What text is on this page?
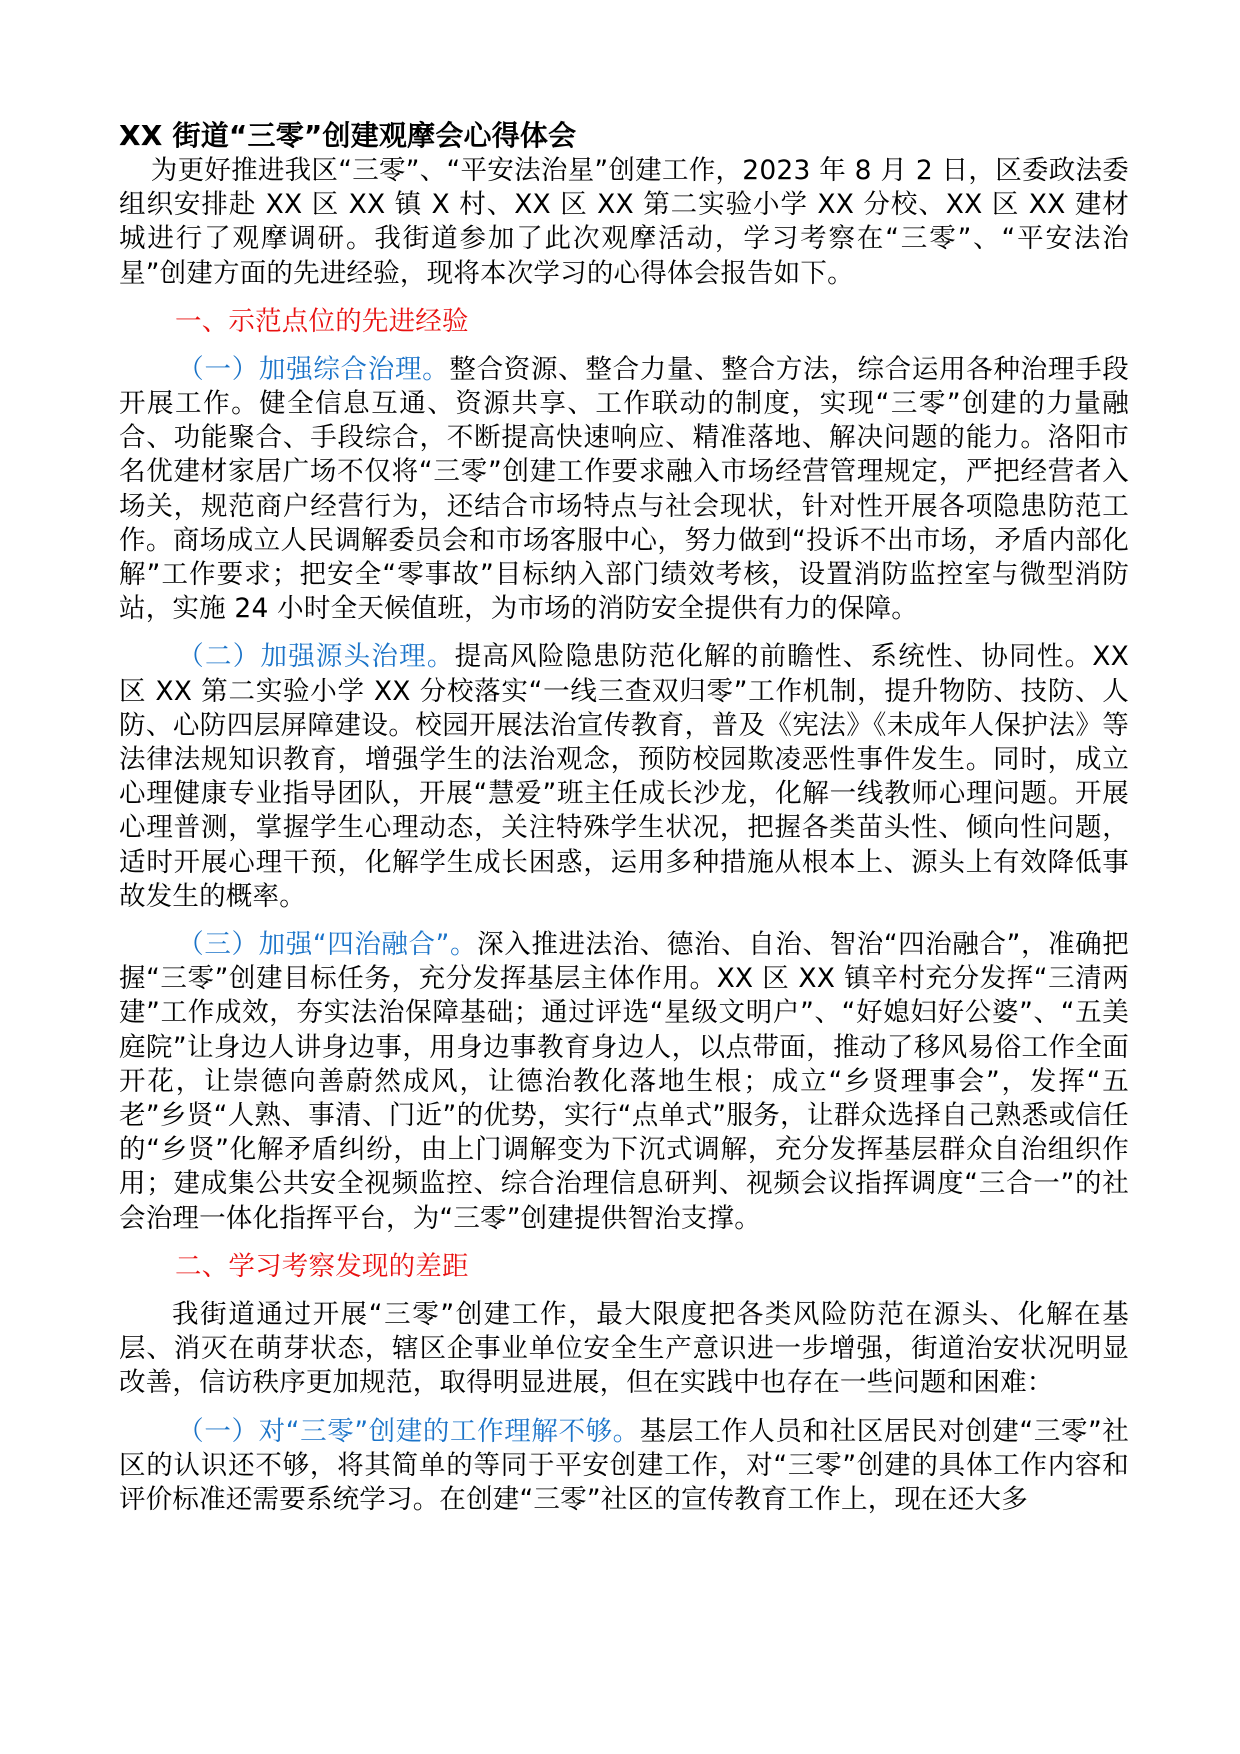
XX 街道“三零”创建观摩会心得体会

为更好推进我区“三零”、“平安法治星”创建工作，2023 年 8 月 2 日，区委政法委组织安排赴 XX 区 XX 镇 X 村、XX 区 XX 第二实验小学 XX 分校、XX 区 XX 建材城进行了观摩调研。我街道参加了此次观摩活动，学习考察在“三零”、“平安法治星”创建方面的先进经验，现将本次学习的心得体会报告如下。

一、示范点位的先进经验

（一）加强综合治理。整合资源、整合力量、整合方法，综合运用各种治理手段开展工作。健全信息互通、资源共享、工作联动的制度，实现“三零”创建的力量融合、功能聚合、手段综合，不断提高快速响应、精准落地、解决问题的能力。洛阳市名优建材家居广场不仅将“三零”创建工作要求融入市场经营管理规定，严把经营者入场关，规范商户经营行为，还结合市场特点与社会现状，针对性开展各项隐患防范工作。商场成立人民调解委员会和市场客服中心，努力做到“投诉不出市场，矛盾内部化解”工作要求；把安全“零事故”目标纳入部门绩效考核，设置消防监控室与微型消防站，实施 24 小时全天候值班，为市场的消防安全提供有力的保障。

（二）加强源头治理。提高风险隐患防范化解的前瞻性、系统性、协同性。XX 区 XX 第二实验小学 XX 分校落实“一线三查双归零”工作机制，提升物防、技防、人防、心防四层屏障建设。校园开展法治宣传教育，普及《宪法》《未成年人保护法》等法律法规知识教育，增强学生的法治观念，预防校园欺凌恶性事件发生。同时，成立心理健康专业指导团队，开展“慧爱”班主任成长沙龙，化解一线教师心理问题。开展心理普测，掌握学生心理动态，关注特殊学生状况，把握各类苗头性、倾向性问题，适时开展心理干预，化解学生成长困惑，运用多种措施从根本上、源头上有效降低事故发生的概率。

（三）加强“四治融合”。深入推进法治、德治、自治、智治“四治融合”，准确把握“三零”创建目标任务，充分发挥基层主体作用。XX 区 XX 镇辛村充分发挥“三清两建”工作成效，夯实法治保障基础；通过评选“星级文明户”、“好媳妇好公婆”、“五美庭院”让身边人讲身边事，用身边事教育身边人，以点带面，推动了移风易俗工作全面开花，让崇德向善蔚然成风，让德治教化落地生根；成立“乡贤理事会”，发挥“五老”乡贤“人熟、事清、门近”的优势，实行“点单式”服务，让群众选择自己熟悉或信任的“乡贤”化解矛盾纠纷，由上门调解变为下沉式调解，充分发挥基层群众自治组织作用；建成集公共安全视频监控、综合治理信息研判、视频会议指挥调度“三合一”的社会治理一体化指挥平台，为“三零”创建提供智治支撑。

二、学习考察发现的差距

我街道通过开展“三零”创建工作，最大限度把各类风险防范在源头、化解在基层、消灭在萌芽状态，辖区企事业单位安全生产意识进一步增强，街道治安状况明显改善，信访秩序更加规范，取得明显进展，但在实践中也存在一些问题和困难：

（一）对“三零”创建的工作理解不够。基层工作人员和社区居民对创建“三零”社区的认识还不够，将其简单的等同于平安创建工作，对“三零”创建的具体工作内容和评价标准还需要系统学习。在创建“三零”社区的宣传教育工作上，现在还大多
